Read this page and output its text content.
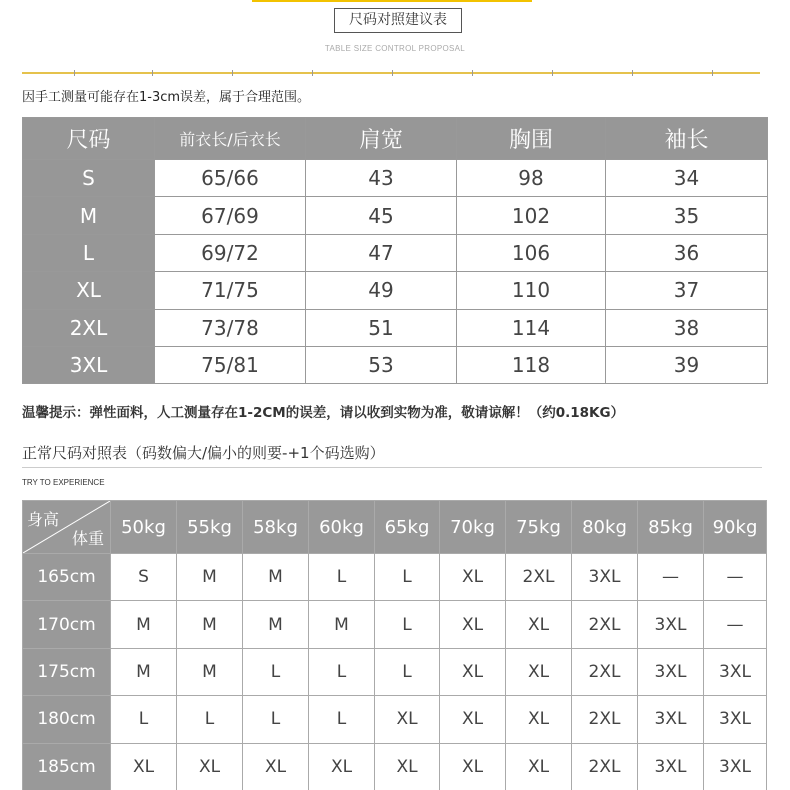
尺码对照建议表
TABLE SIZE CONTROL PROPOSAL
因手工测量可能存在1-3cm误差，属于合理范围。
尺码	前衣长/后衣长	肩宽	胸围	袖长
S	65/66	43	98	34
M	67/69	45	102	35
L	69/72	47	106	36
XL	71/75	49	110	37
2XL	73/78	51	114	38
3XL	75/81	53	118	39
温馨提示：弹性面料，人工测量存在1-2CM的误差，请以收到实物为准，敬请谅解！（约0.18KG）
正常尺码对照表（码数偏大/偏小的则要-+1个码选购）
TRY TO EXPERIENCE
身高
体重	50kg	55kg	58kg	60kg	65kg	70kg	75kg	80kg	85kg	90kg
165cm	S	M	M	L	L	XL	2XL	3XL	—	—
170cm	M	M	M	M	L	XL	XL	2XL	3XL	—
175cm	M	M	L	L	L	XL	XL	2XL	3XL	3XL
180cm	L	L	L	L	XL	XL	XL	2XL	3XL	3XL
185cm	XL	XL	XL	XL	XL	XL	XL	2XL	3XL	3XL
